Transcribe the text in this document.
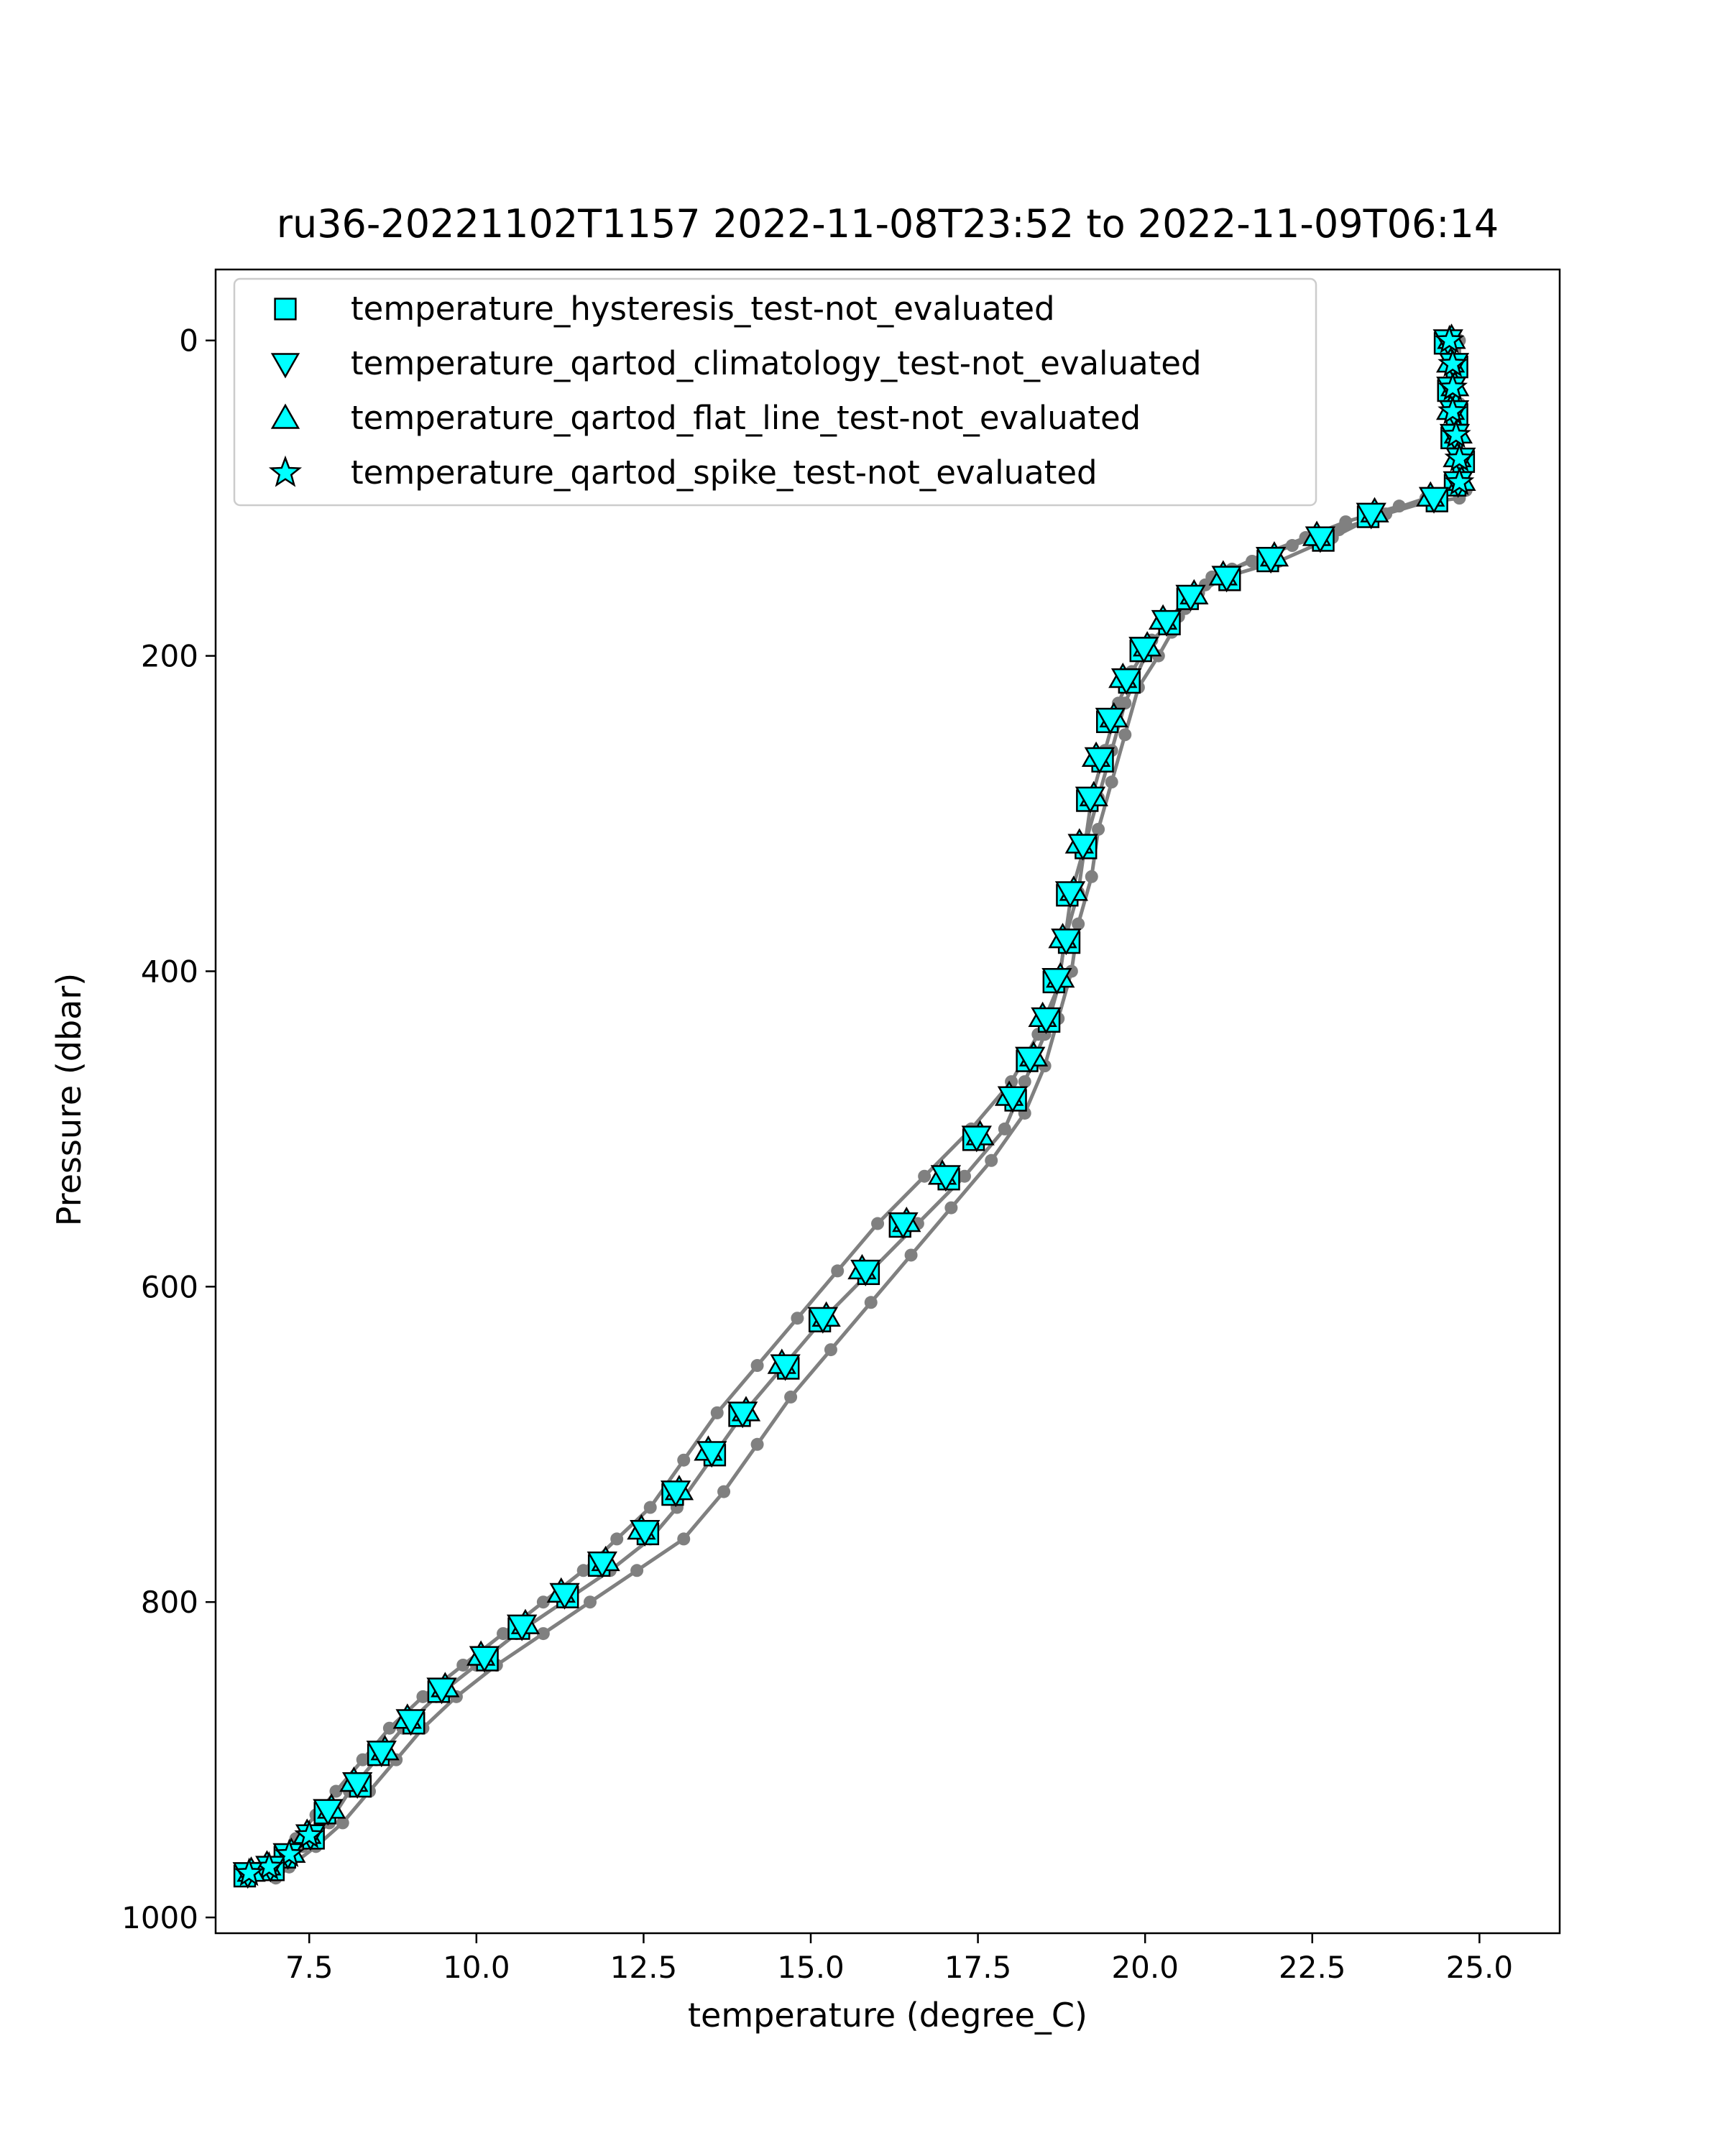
ru36-20221102T1157 2022-11-08T23:52 to 2022-11-09T06:14
7.5	10.0	12.5	15.0	17.5	20.0	22.5	25.0
0
200
400
600
800
1000
temperature (degree_C)
Pressure (dbar)
temperature_hysteresis_test-not_evaluated
temperature_qartod_climatology_test-not_evaluated
temperature_qartod_flat_line_test-not_evaluated
temperature_qartod_spike_test-not_evaluated
